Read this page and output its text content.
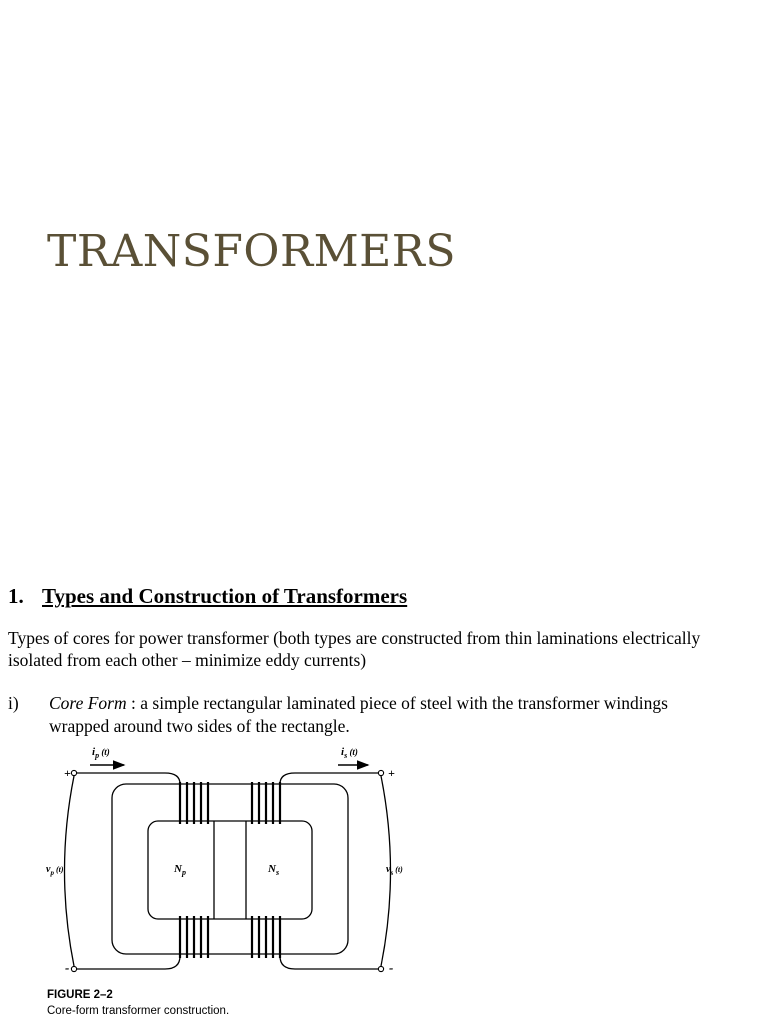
TRANSFORMERS
1. Types and Construction of Transformers

Types of cores for power transformer (both types are constructed from thin laminations electrically
isolated from each other – minimize eddy currents)

i) Core Form : a simple rectangular laminated piece of steel with the transformer windings
wrapped around two sides of the rectangle.

+
-
+
-
$i_p$ $^{(t)}$	$i_s$ $^{(t)}$
$v_p$ $^{(t)}$	$v_s$ $^{(t)}$
$N_p$	$N_s$
FIGURE 2–2
Core-form transformer construction.
